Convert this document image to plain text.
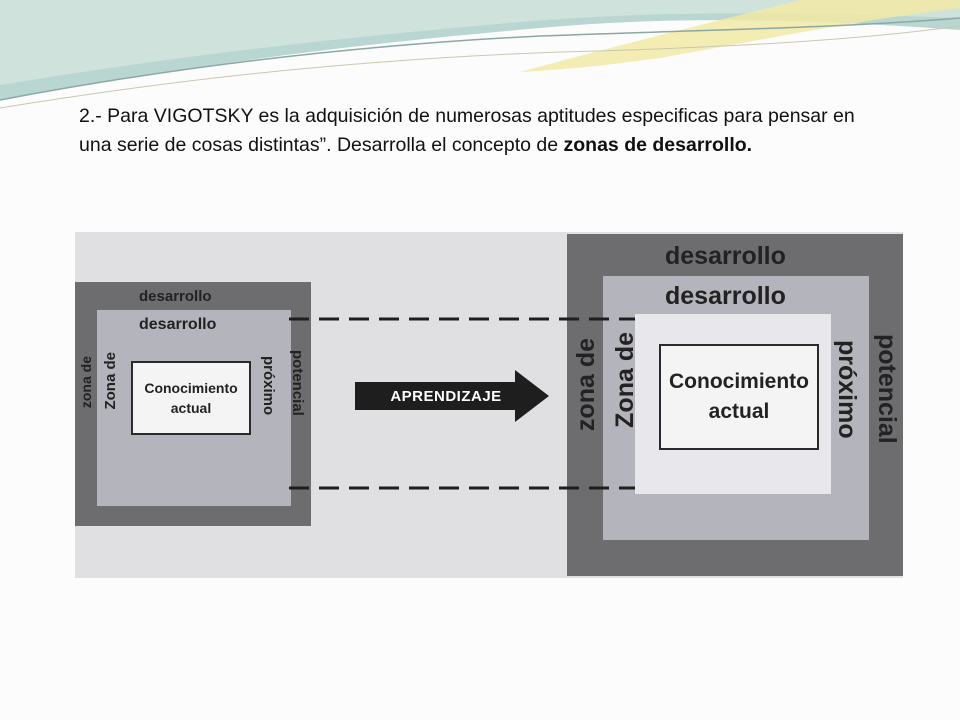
2.- Para VIGOTSKY es la adquisición de numerosas aptitudes especificas para pensar en una serie de cosas distintas”. Desarrolla el concepto de zonas de desarrollo.
desarrollo
desarrollo
zona de Zona de	próximo potencial
Conocimiento
actual
APRENDIZAJE
desarrollo
desarrollo
zona de Zona de	próximo potencial
Conocimiento
actual
